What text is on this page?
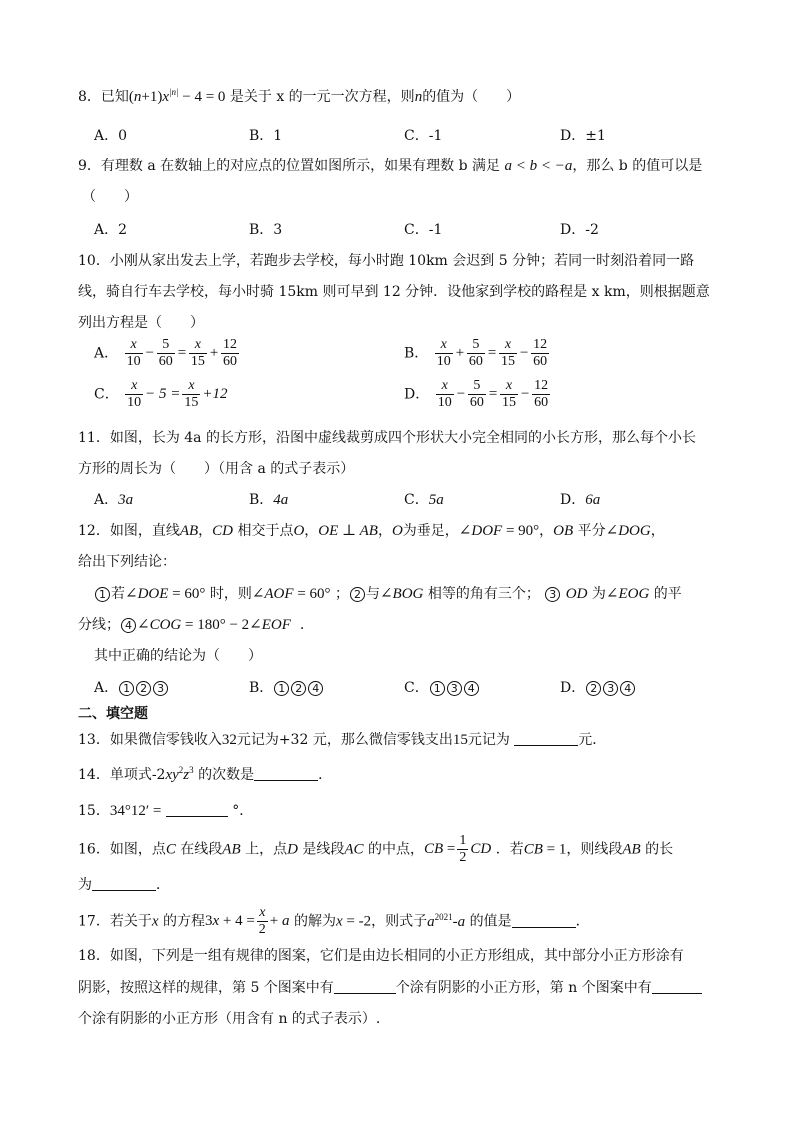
8．已知$(n+1)x^{|n|} - 4 = 0$ 是关于 x 的一元一次方程，则n的值为（　　）
A．0	B．1	C．-1	D．±1
9．有理数 a 在数轴上的对应点的位置如图所示，如果有理数 b 满足 a < b < −a，那么 b 的值可以是
（　　）
A．2	B．3	C．-1	D．-2
10．小刚从家出发去上学，若跑步去学校，每小时跑 10km 会迟到 5 分钟；若同一时刻沿着同一路
线，骑自行车去学校，每小时骑 15km 则可早到 12 分钟．设他家到学校的路程是 x km，则根据题意
列出方程是（　　）
A． $\frac{x}{10} - \frac{5}{60} = \frac{x}{15} + \frac{12}{60}$	B． $\frac{x}{10} + \frac{5}{60} = \frac{x}{15} - \frac{12}{60}$
C． $\frac{x}{10} - 5 = \frac{x}{15} +12$	D． $\frac{x}{10} - \frac{5}{60} = \frac{x}{15} - \frac{12}{60}$
11．如图，长为 4a 的长方形，沿图中虚线裁剪成四个形状大小完全相同的小长方形，那么每个小长
方形的周长为（　　）（用含 a 的式子表示）
A．3a	B．4a	C．5a	D．6a
12．如图，直线AB，CD 相交于点O，OE ⊥ AB，O为垂足，∠DOF = 90°，OB 平分∠DOG，
给出下列结论：
1 若∠DOE = 60° 时，则∠AOF = 60° ； 2 与∠BOG 相等的角有三个； 3 OD 为∠EOG 的平
分线； 4 ∠COG = 180° − 2∠EOF .
其中正确的结论为（　　）
A． 1 2 3	B． 1 2 4	C． 1 3 4	D． 2 3 4
二、填空题
13．如果微信零钱收入32元记为+32 元，那么微信零钱支出15元记为	元．
14．单项式$-2xy^2z^3$ 的次数是	．
15．34°12′ =	°．
16．如图，点C 在线段AB 上，点D 是线段AC 的中点，CB = $\frac{1}{2}$ CD ．若CB = 1，则线段AB 的长
为	．
17．若关于x 的方程$3x + 4 = \frac{x}{2} + a$ 的解为x = -2，则式子$a^{2021}-a$ 的值是	．
18．如图，下列是一组有规律的图案，它们是由边长相同的小正方形组成，其中部分小正方形涂有
阴影，按照这样的规律，第 5 个图案中有	个涂有阴影的小正方形，第 n 个图案中有
个涂有阴影的小正方形（用含有 n 的式子表示）.
